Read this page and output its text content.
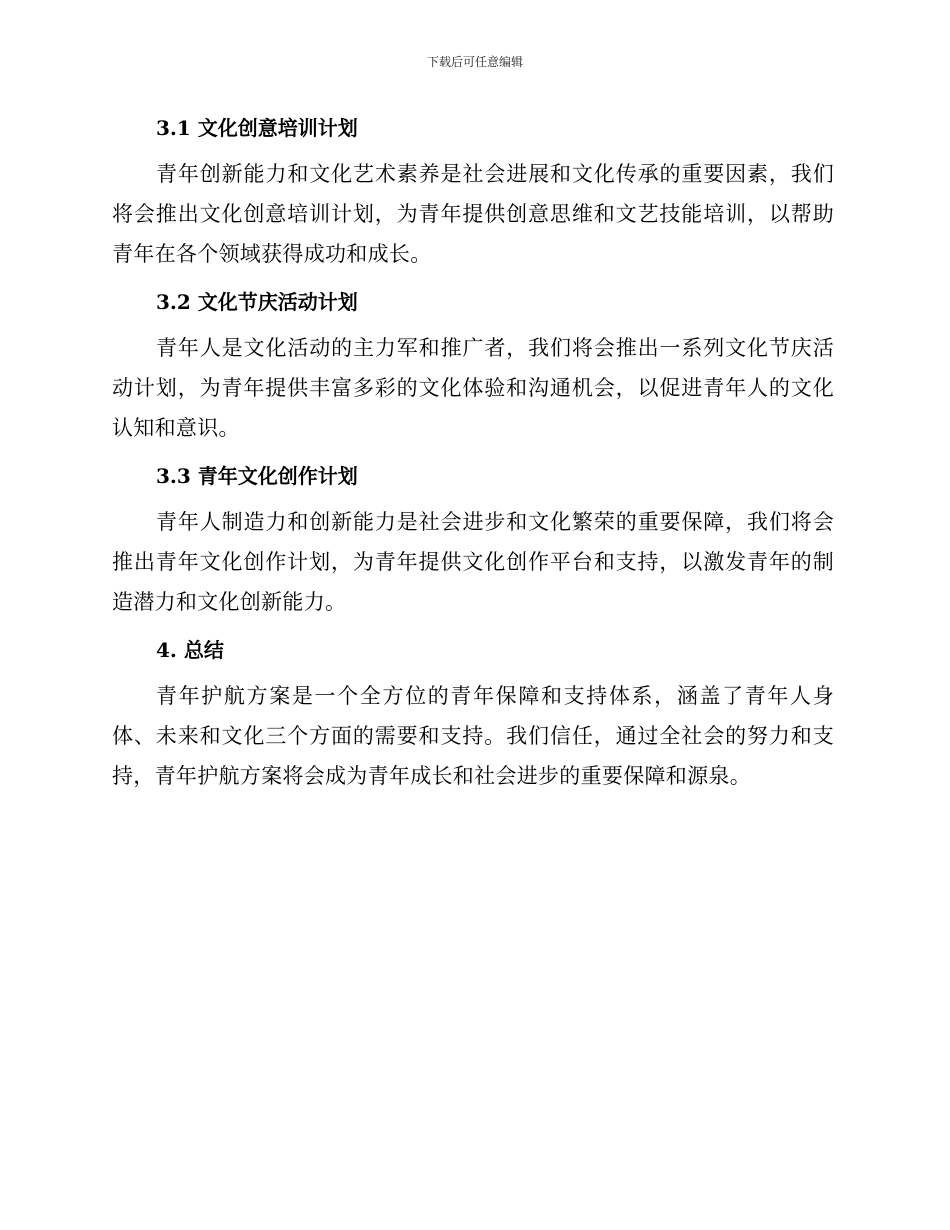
下载后可任意编辑
3.1 文化创意培训计划

青年创新能力和文化艺术素养是社会进展和文化传承的重要因素，我们将会推出文化创意培训计划，为青年提供创意思维和文艺技能培训，以帮助青年在各个领域获得成功和成长。

3.2 文化节庆活动计划

青年人是文化活动的主力军和推广者，我们将会推出一系列文化节庆活动计划，为青年提供丰富多彩的文化体验和沟通机会，以促进青年人的文化认知和意识。

3.3 青年文化创作计划

青年人制造力和创新能力是社会进步和文化繁荣的重要保障，我们将会推出青年文化创作计划，为青年提供文化创作平台和支持，以激发青年的制造潜力和文化创新能力。

4. 总结

青年护航方案是一个全方位的青年保障和支持体系，涵盖了青年人身体、未来和文化三个方面的需要和支持。我们信任，通过全社会的努力和支持，青年护航方案将会成为青年成长和社会进步的重要保障和源泉。
